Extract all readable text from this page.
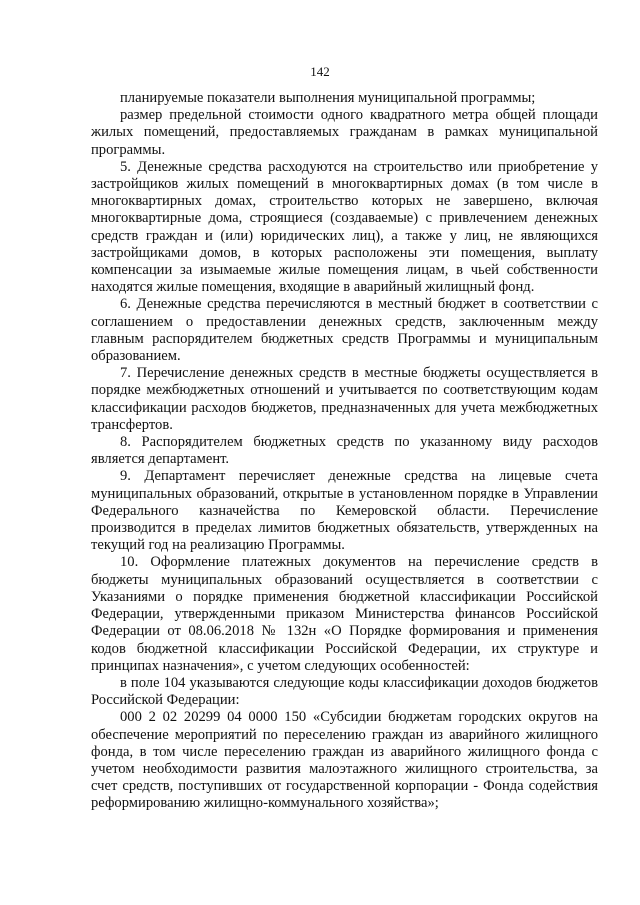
142

планируемые показатели выполнения муниципальной программы;

размер предельной стоимости одного квадратного метра общей площади жилых помещений, предоставляемых гражданам в рамках муниципальной программы.

5. Денежные средства расходуются на строительство или приобретение у застройщиков жилых помещений в многоквартирных домах (в том числе в многоквартирных домах, строительство которых не завершено, включая многоквартирные дома, строящиеся (создаваемые) с привлечением денежных средств граждан и (или) юридических лиц), а также у лиц, не являющихся застройщиками домов, в которых расположены эти помещения, выплату компенсации за изымаемые жилые помещения лицам, в чьей собственности находятся жилые помещения, входящие в аварийный жилищный фонд.

6. Денежные средства перечисляются в местный бюджет в соответствии с соглашением о предоставлении денежных средств, заключенным между главным распорядителем бюджетных средств Программы и муниципальным образованием.

7. Перечисление денежных средств в местные бюджеты осуществляется в порядке межбюджетных отношений и учитывается по соответствующим кодам классификации расходов бюджетов, предназначенных для учета межбюджетных трансфертов.

8. Распорядителем бюджетных средств по указанному виду расходов является департамент.

9. Департамент перечисляет денежные средства на лицевые счета муниципальных образований, открытые в установленном порядке в Управлении Федерального казначейства по Кемеровской области. Перечисление производится в пределах лимитов бюджетных обязательств, утвержденных на текущий год на реализацию Программы.

10. Оформление платежных документов на перечисление средств в бюджеты муниципальных образований осуществляется в соответствии с Указаниями о порядке применения бюджетной классификации Российской Федерации, утвержденными приказом Министерства финансов Российской Федерации от 08.06.2018 № 132н «О Порядке формирования и применения кодов бюджетной классификации Российской Федерации, их структуре и принципах назначения», с учетом следующих особенностей:

в поле 104 указываются следующие коды классификации доходов бюджетов Российской Федерации:

000 2 02 20299 04 0000 150 «Субсидии бюджетам городских округов на обеспечение мероприятий по переселению граждан из аварийного жилищного фонда, в том числе переселению граждан из аварийного жилищного фонда с учетом необходимости развития малоэтажного жилищного строительства, за счет средств, поступивших от государственной корпорации - Фонда содействия реформированию жилищно-коммунального хозяйства»;
